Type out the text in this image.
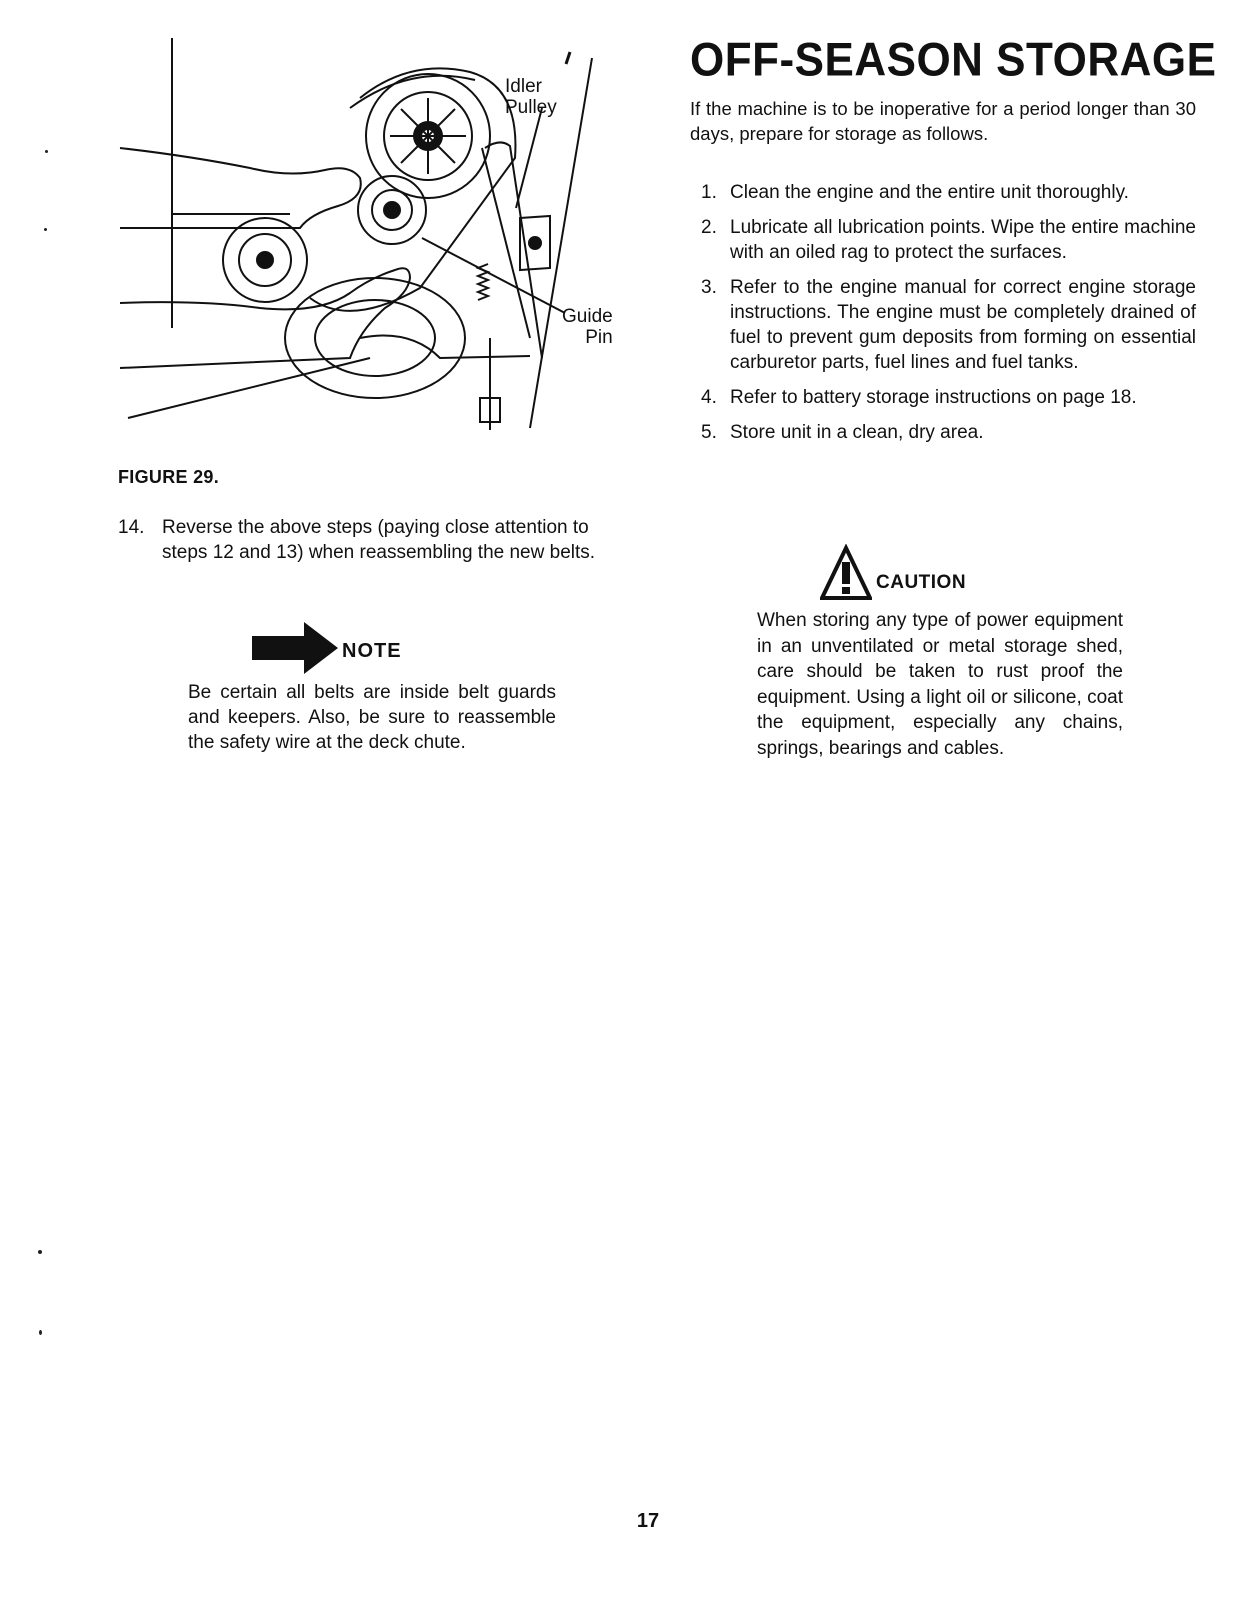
Idler
Pulley
Guide
Pin
FIGURE 29.
14. Reverse the above steps (paying close attention to steps 12 and 13) when reassembling the new belts.
NOTE
Be certain all belts are inside belt guards and keepers. Also, be sure to reassemble the safety wire at the deck chute.
OFF-SEASON STORAGE
If the machine is to be inoperative for a period longer than 30 days, prepare for storage as follows.
1. Clean the engine and the entire unit thoroughly.
2. Lubricate all lubrication points. Wipe the entire machine with an oiled rag to protect the surfaces.
3. Refer to the engine manual for correct engine storage instructions. The engine must be completely drained of fuel to prevent gum deposits from forming on essential carburetor parts, fuel lines and fuel tanks.
4. Refer to battery storage instructions on page 18.
5. Store unit in a clean, dry area.
CAUTION
When storing any type of power equipment in an unventilated or metal storage shed, care should be taken to rust proof the equipment. Using a light oil or silicone, coat the equipment, especially any chains, springs, bearings and cables.
17
